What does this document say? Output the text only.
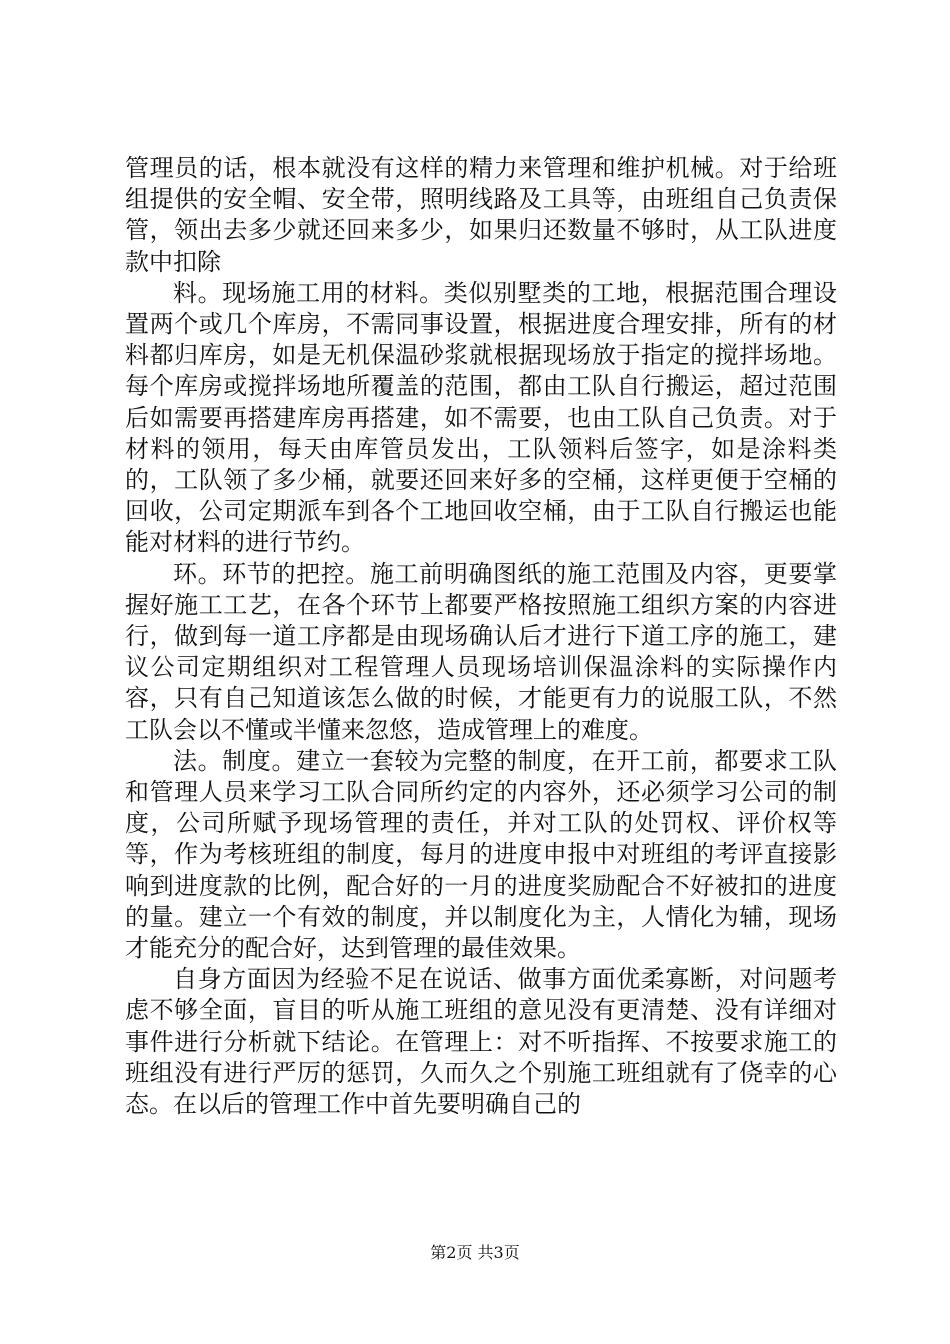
管理员的话，根本就没有这样的精力来管理和维护机械。对于给班组提供的安全帽、安全带，照明线路及工具等，由班组自己负责保管，领出去多少就还回来多少，如果归还数量不够时，从工队进度款中扣除

料。现场施工用的材料。类似别墅类的工地，根据范围合理设置两个或几个库房，不需同事设置，根据进度合理安排，所有的材料都归库房，如是无机保温砂浆就根据现场放于指定的搅拌场地。每个库房或搅拌场地所覆盖的范围，都由工队自行搬运，超过范围后如需要再搭建库房再搭建，如不需要，也由工队自己负责。对于材料的领用，每天由库管员发出，工队领料后签字，如是涂料类的，工队领了多少桶，就要还回来好多的空桶，这样更便于空桶的回收，公司定期派车到各个工地回收空桶，由于工队自行搬运也能能对材料的进行节约。

环。环节的把控。施工前明确图纸的施工范围及内容，更要掌握好施工工艺，在各个环节上都要严格按照施工组织方案的内容进行，做到每一道工序都是由现场确认后才进行下道工序的施工，建议公司定期组织对工程管理人员现场培训保温涂料的实际操作内容，只有自己知道该怎么做的时候，才能更有力的说服工队，不然工队会以不懂或半懂来忽悠，造成管理上的难度。

法。制度。建立一套较为完整的制度，在开工前，都要求工队和管理人员来学习工队合同所约定的内容外，还必须学习公司的制度，公司所赋予现场管理的责任，并对工队的处罚权、评价权等等，作为考核班组的制度，每月的进度申报中对班组的考评直接影响到进度款的比例，配合好的一月的进度奖励配合不好被扣的进度的量。建立一个有效的制度，并以制度化为主，人情化为辅，现场才能充分的配合好，达到管理的最佳效果。

自身方面因为经验不足在说话、做事方面优柔寡断，对问题考虑不够全面，盲目的听从施工班组的意见没有更清楚、没有详细对事件进行分析就下结论。在管理上：对不听指挥、不按要求施工的班组没有进行严厉的惩罚，久而久之个别施工班组就有了侥幸的心态。在以后的管理工作中首先要明确自己的

第2页 共3页
